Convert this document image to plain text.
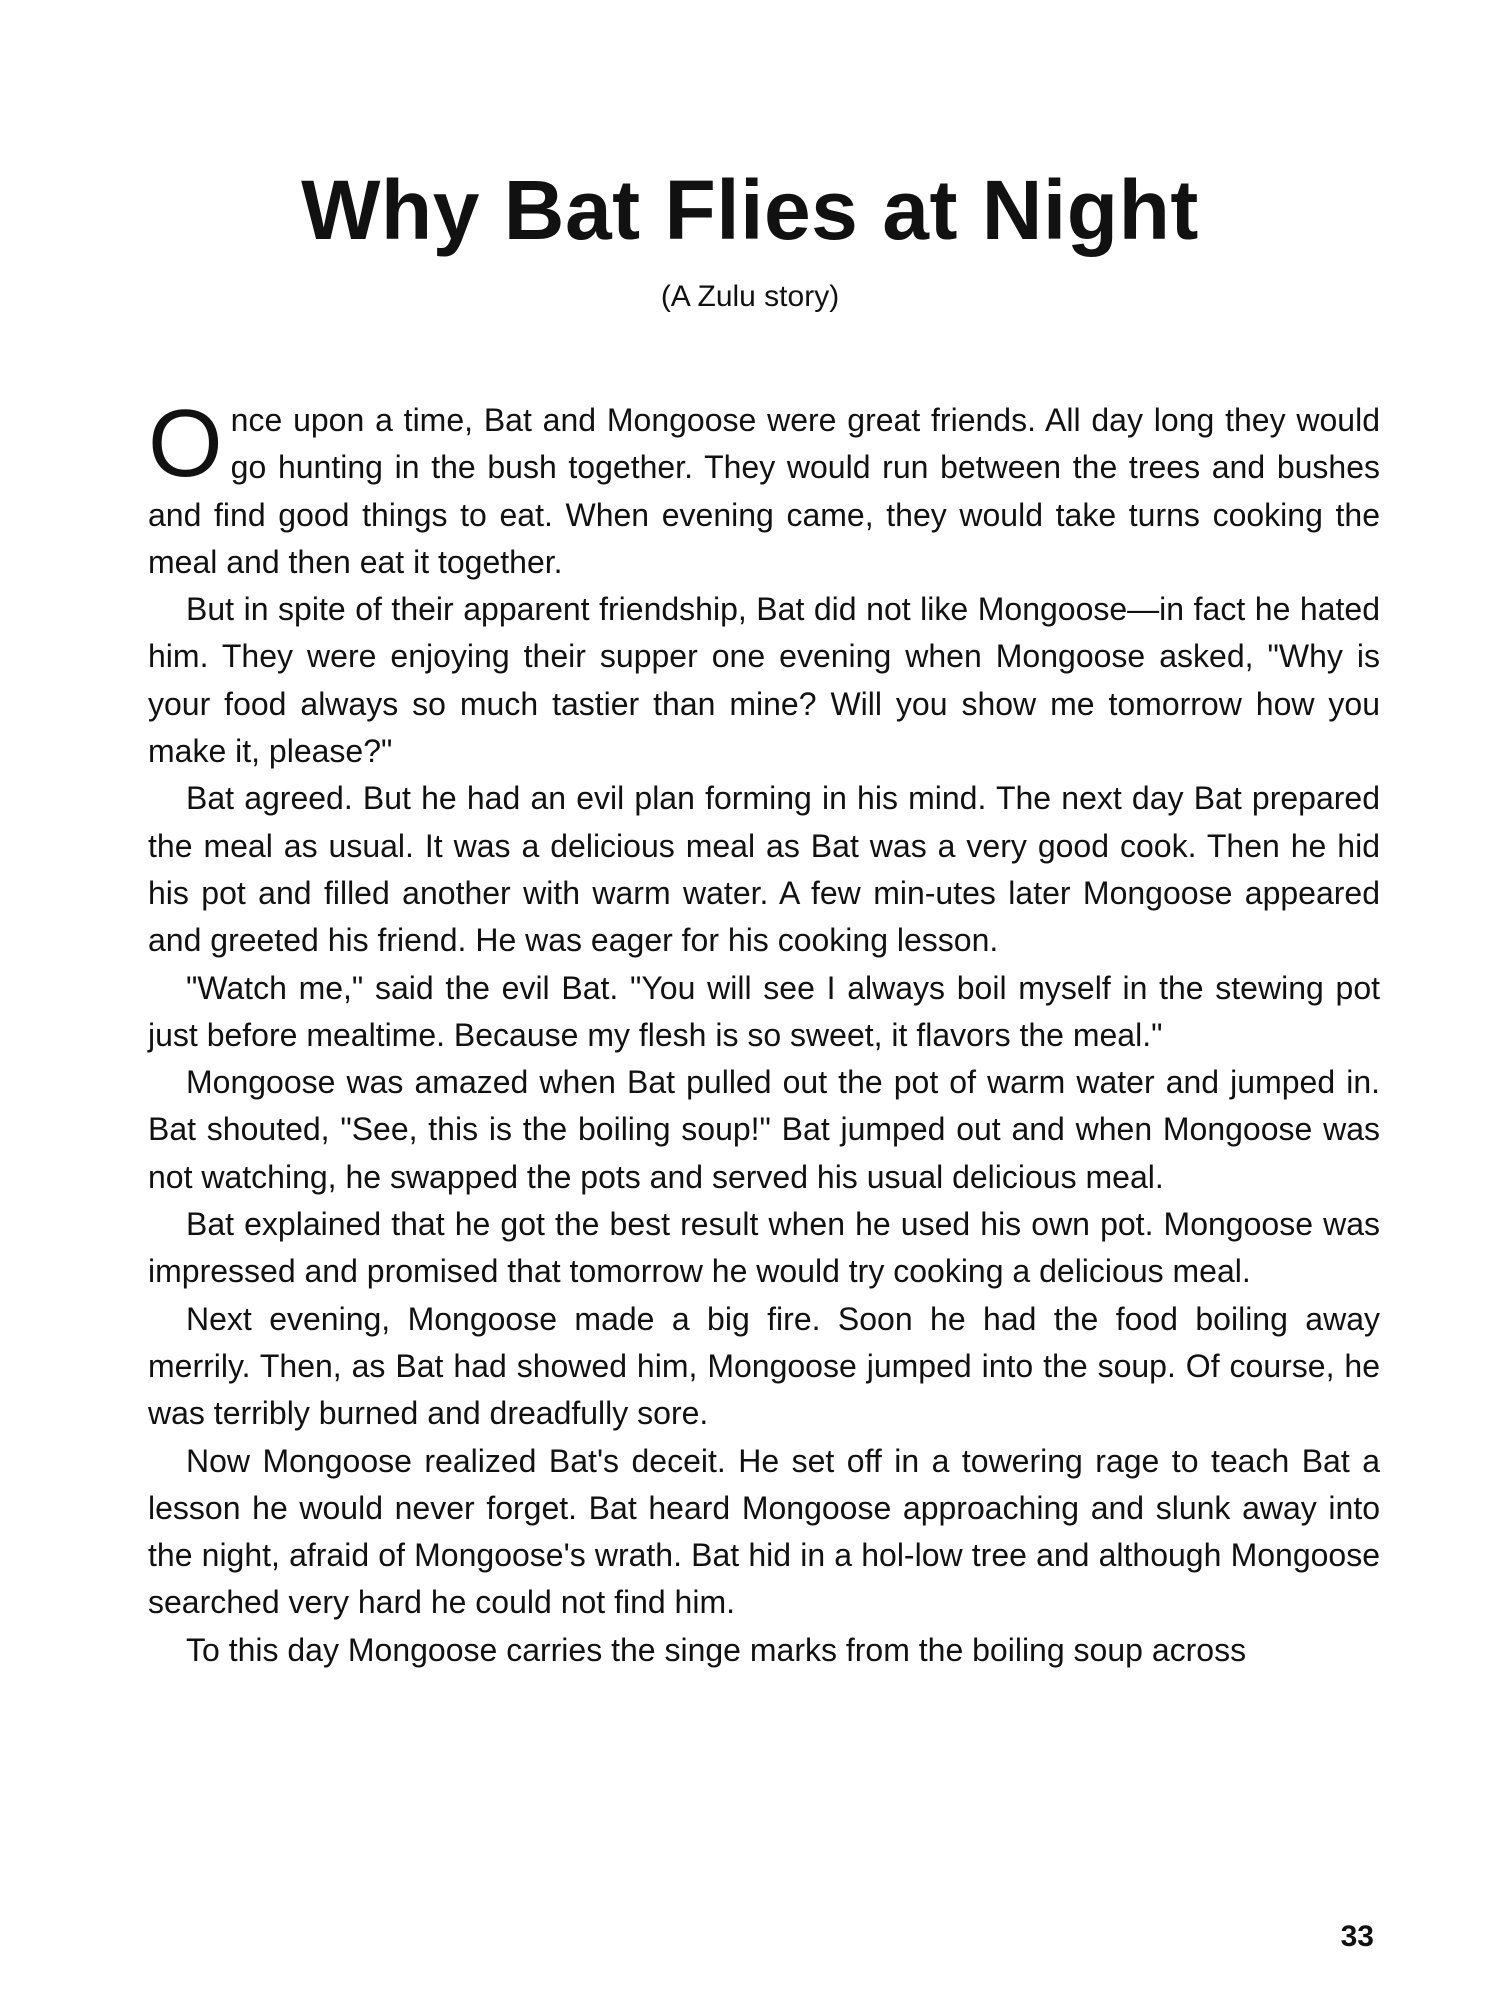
Why Bat Flies at Night
(A Zulu story)

Once upon a time, Bat and Mongoose were great friends. All day long they would go hunting in the bush together. They would run between the trees and bushes and find good things to eat. When evening came, they would take turns cooking the meal and then eat it together.

But in spite of their apparent friendship, Bat did not like Mongoose—in fact he hated him. They were enjoying their supper one evening when Mongoose asked, "Why is your food always so much tastier than mine? Will you show me tomorrow how you make it, please?"

Bat agreed. But he had an evil plan forming in his mind. The next day Bat prepared the meal as usual. It was a delicious meal as Bat was a very good cook. Then he hid his pot and filled another with warm water. A few min-utes later Mongoose appeared and greeted his friend. He was eager for his cooking lesson.

"Watch me," said the evil Bat. "You will see I always boil myself in the stewing pot just before mealtime. Because my flesh is so sweet, it flavors the meal."

Mongoose was amazed when Bat pulled out the pot of warm water and jumped in. Bat shouted, "See, this is the boiling soup!" Bat jumped out and when Mongoose was not watching, he swapped the pots and served his usual delicious meal.

Bat explained that he got the best result when he used his own pot. Mongoose was impressed and promised that tomorrow he would try cooking a delicious meal.

Next evening, Mongoose made a big fire. Soon he had the food boiling away merrily. Then, as Bat had showed him, Mongoose jumped into the soup. Of course, he was terribly burned and dreadfully sore.

Now Mongoose realized Bat's deceit. He set off in a towering rage to teach Bat a lesson he would never forget. Bat heard Mongoose approaching and slunk away into the night, afraid of Mongoose's wrath. Bat hid in a hol-low tree and although Mongoose searched very hard he could not find him.

To this day Mongoose carries the singe marks from the boiling soup across

33
